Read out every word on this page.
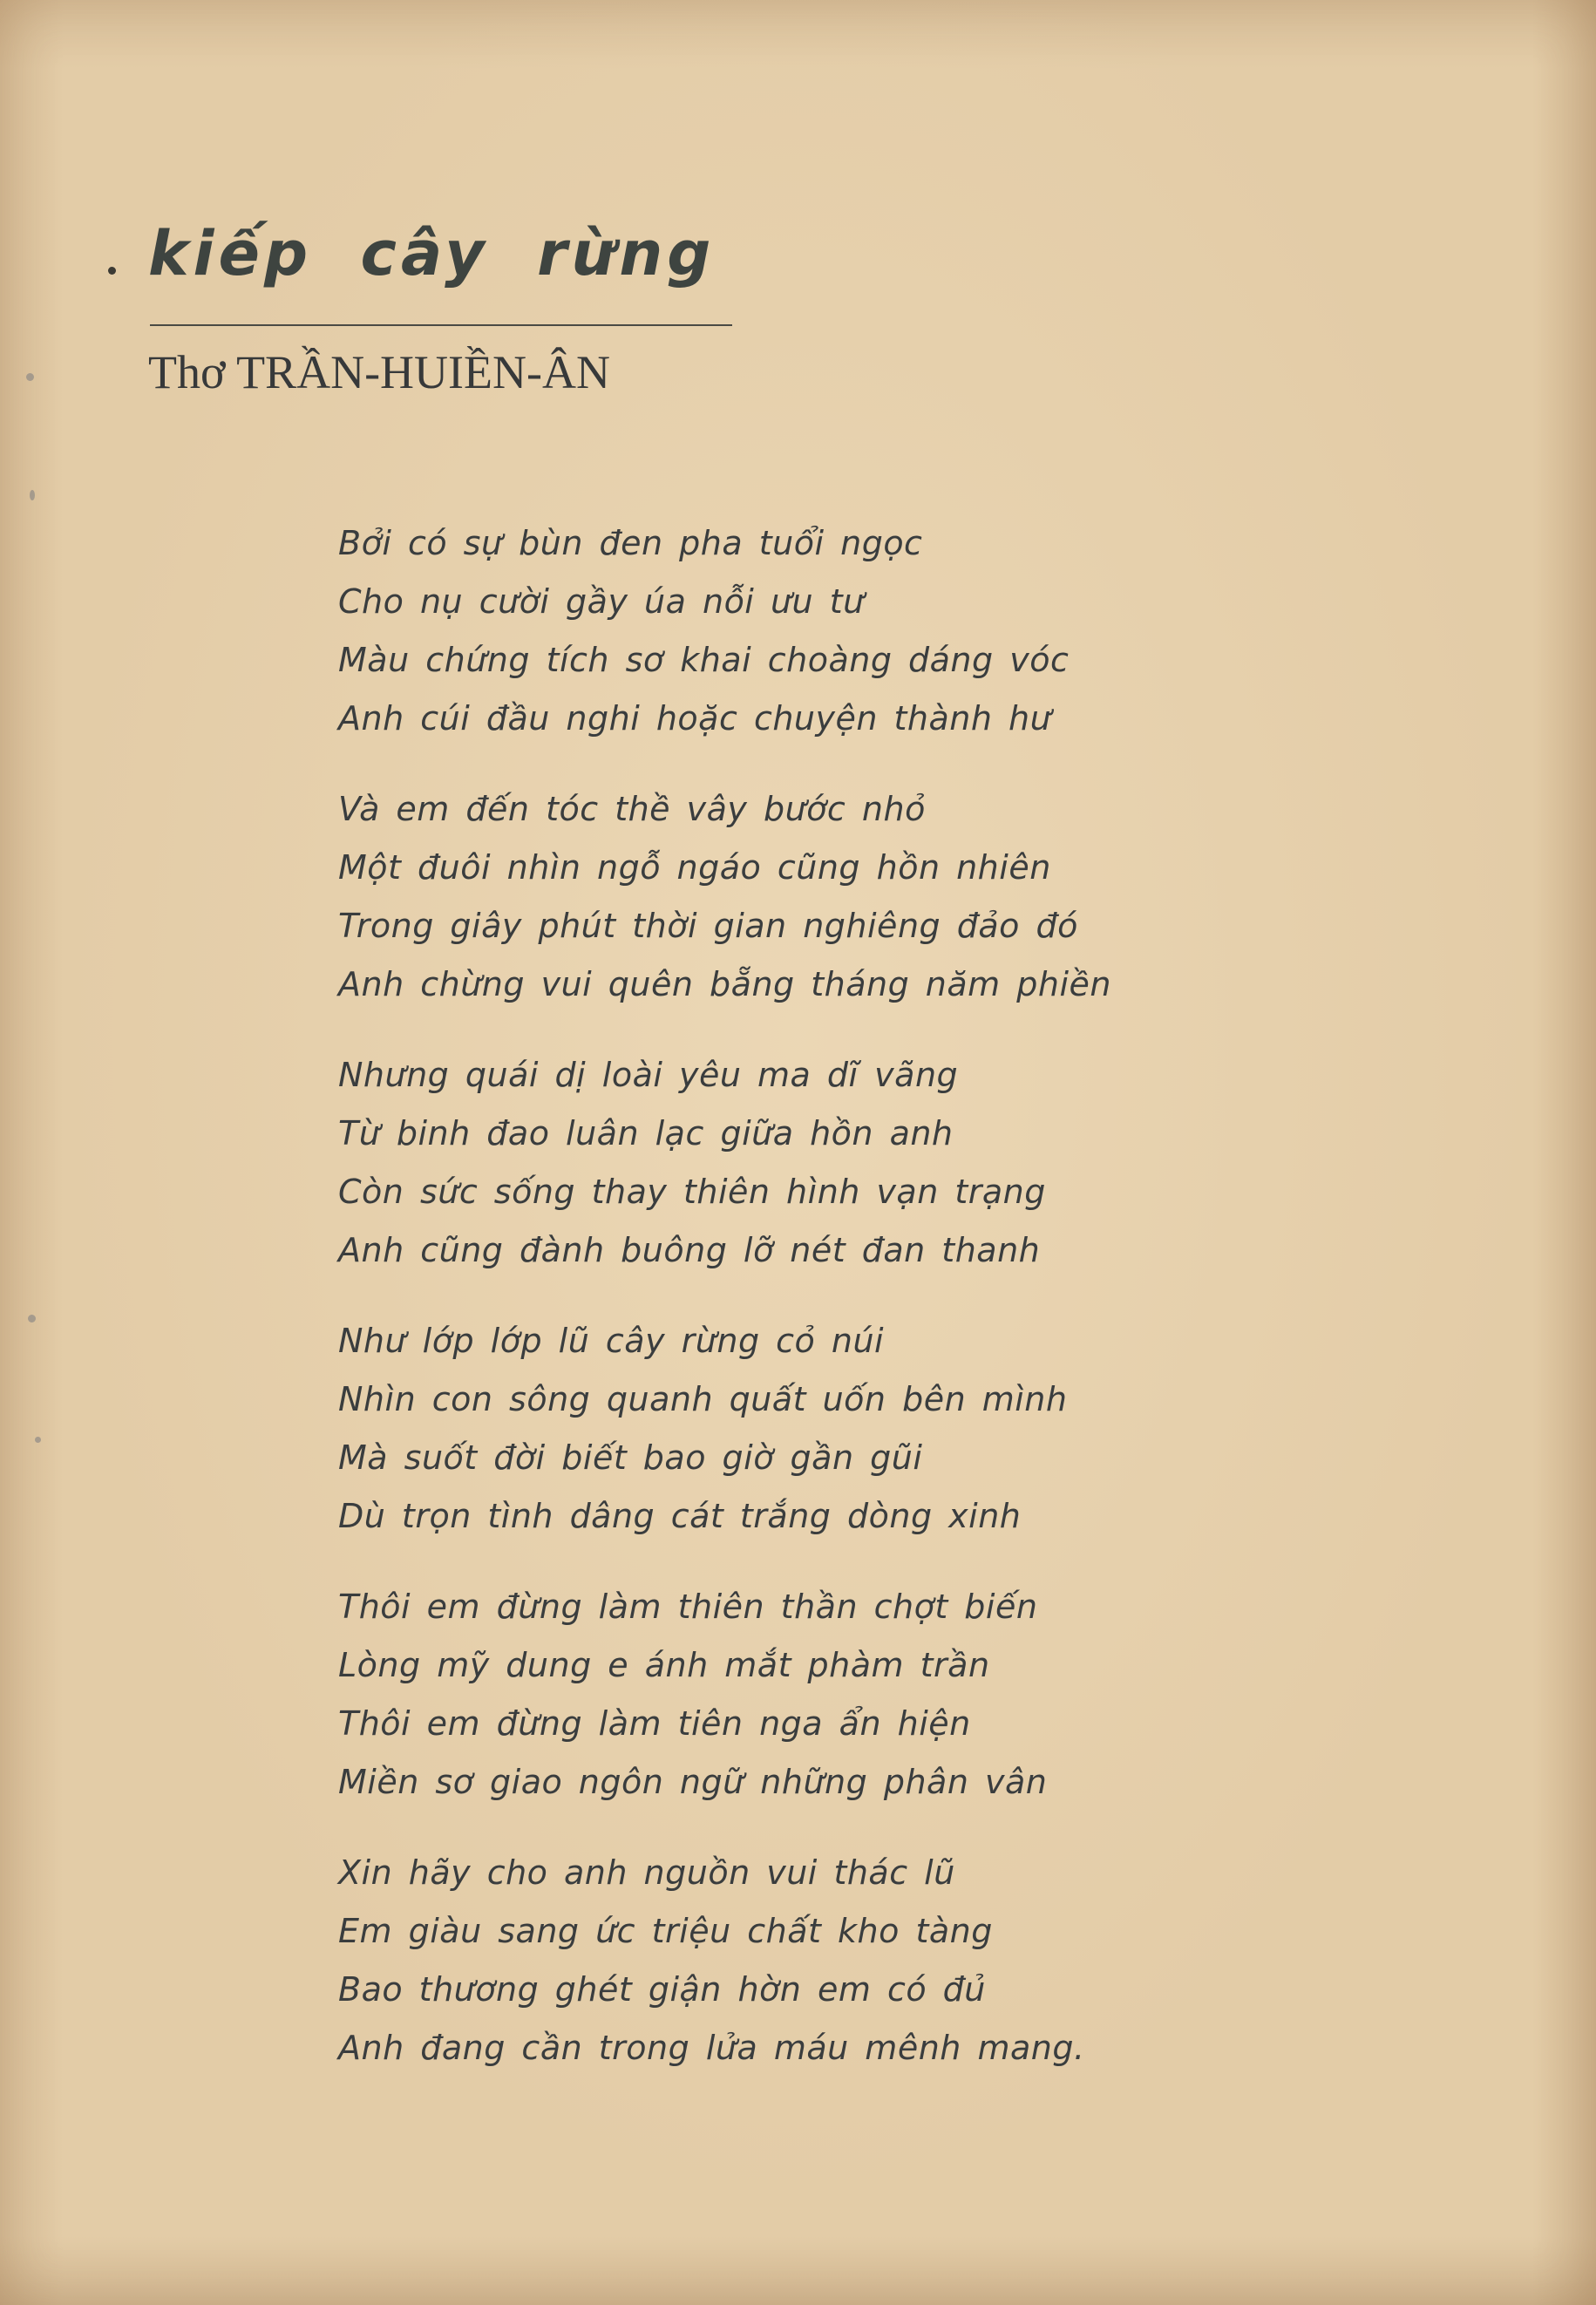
kiếp cây rừng

Thơ TRẦN-HUIỀN-ÂN

Bởi có sự bùn đen pha tuổi ngọc
Cho nụ cười gầy úa nỗi ưu tư
Màu chứng tích sơ khai choàng dáng vóc
Anh cúi đầu nghi hoặc chuyện thành hư
Và em đến tóc thề vây bước nhỏ
Một đuôi nhìn ngỗ ngáo cũng hồn nhiên
Trong giây phút thời gian nghiêng đảo đó
Anh chừng vui quên bẵng tháng năm phiền
Nhưng quái dị loài yêu ma dĩ vãng
Từ binh đao luân lạc giữa hồn anh
Còn sức sống thay thiên hình vạn trạng
Anh cũng đành buông lỡ nét đan thanh
Như lớp lớp lũ cây rừng cỏ núi
Nhìn con sông quanh quất uốn bên mình
Mà suốt đời biết bao giờ gần gũi
Dù trọn tình dâng cát trắng dòng xinh
Thôi em đừng làm thiên thần chợt biến
Lòng mỹ dung e ánh mắt phàm trần
Thôi em đừng làm tiên nga ẩn hiện
Miền sơ giao ngôn ngữ những phân vân
Xin hãy cho anh nguồn vui thác lũ
Em giàu sang ức triệu chất kho tàng
Bao thương ghét giận hờn em có đủ
Anh đang cần trong lửa máu mênh mang.
